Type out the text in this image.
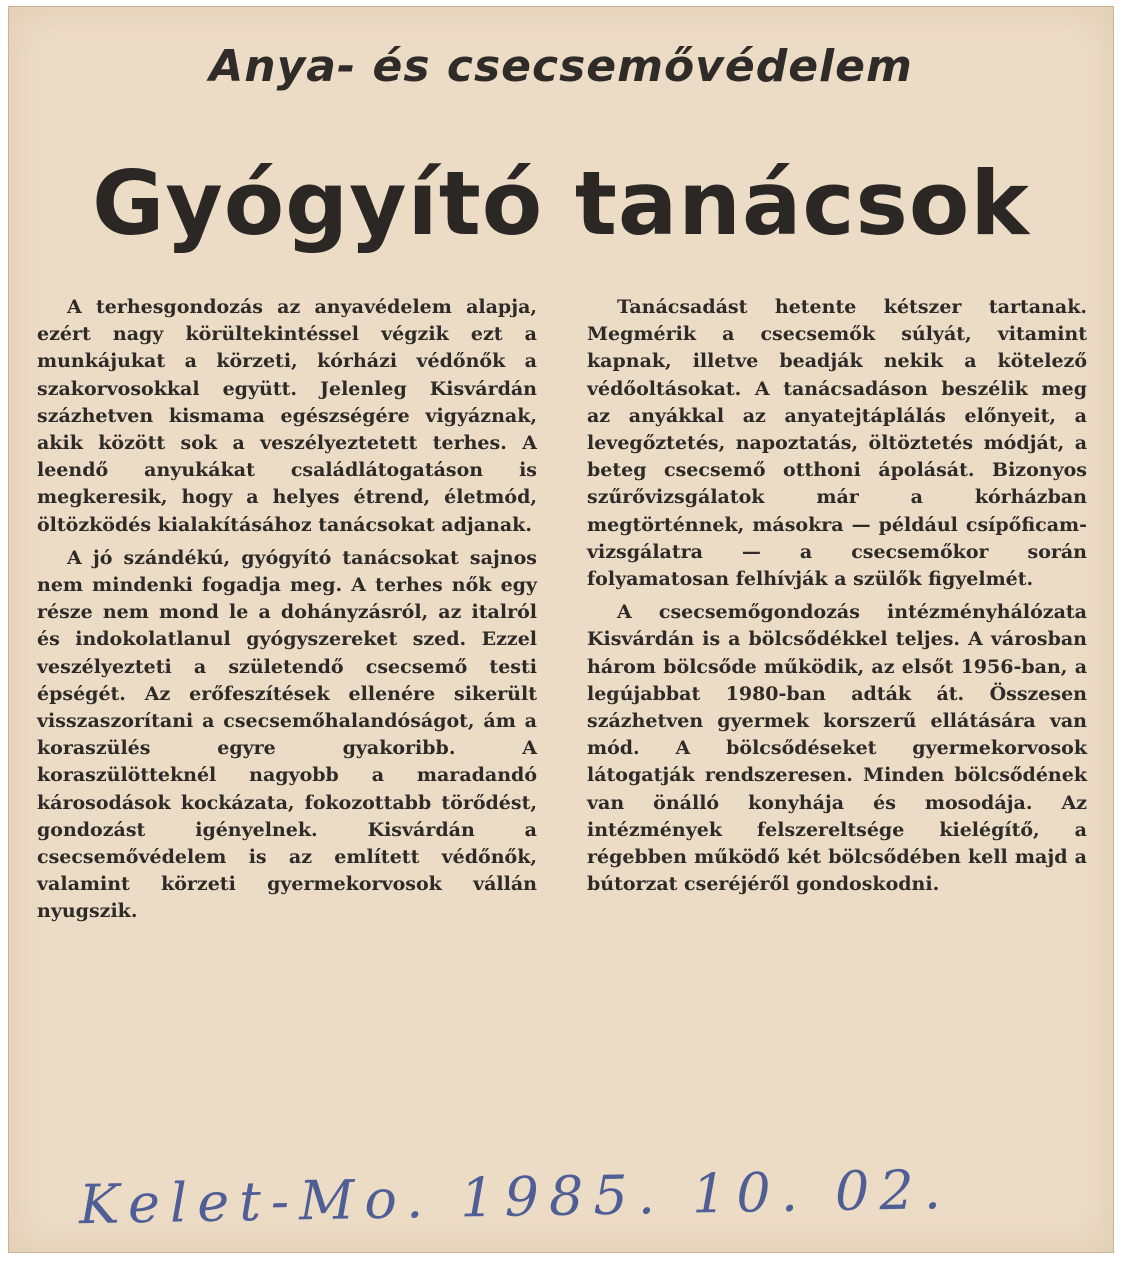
Anya- és csecsemővédelem
Gyógyító tanácsok

A terhesgondozás az anyavédelem alapja, ezért nagy körültekintéssel végzik ezt a munkájukat a körzeti, kórházi védőnők a szakorvosokkal együtt. Jelenleg Kisvárdán százhetven kismama egészségére vigyáznak, akik között sok a veszélyeztetett terhes. A leendő anyukákat családlátogatáson is megkeresik, hogy a helyes étrend, életmód, öltözködés kialakításához tanácsokat adjanak.

A jó szándékú, gyógyító tanácsokat sajnos nem mindenki fogadja meg. A terhes nők egy része nem mond le a dohányzásról, az italról és indokolatlanul gyógyszereket szed. Ezzel veszélyezteti a születendő csecsemő testi épségét. Az erőfeszítések ellenére sikerült visszaszorítani a csecsemőhalandóságot, ám a koraszülés egyre gyakoribb. A koraszülötteknél nagyobb a maradandó károsodások kockázata, fokozottabb törődést, gondozást igényelnek. Kisvárdán a csecsemővédelem is az említett védőnők, valamint körzeti gyermekorvosok vállán nyugszik.

Tanácsadást hetente kétszer tartanak. Megmérik a csecsemők súlyát, vitamint kapnak, illetve beadják nekik a kötelező védőoltásokat. A tanácsadáson beszélik meg az anyákkal az anyatejtáplálás előnyeit, a levegőztetés, napoztatás, öltöztetés módját, a beteg csecsemő otthoni ápolását. Bizonyos szűrővizsgálatok már a kórházban megtörténnek, másokra — például csípőficam-vizsgálatra — a csecsemőkor során folyamatosan felhívják a szülők figyelmét.

A csecsemőgondozás intézményhálózata Kisvárdán is a bölcsődékkel teljes. A városban három bölcsőde működik, az elsőt 1956-ban, a legújabbat 1980-ban adták át. Összesen százhetven gyermek korszerű ellátására van mód. A bölcsődéseket gyermekorvosok látogatják rendszeresen. Minden bölcsődének van önálló konyhája és mosodája. Az intézmények felszereltsége kielégítő, a régebben működő két bölcsődében kell majd a bútorzat cseréjéről gondoskodni.

Kelet-Mo. 1985. 10. 02.
